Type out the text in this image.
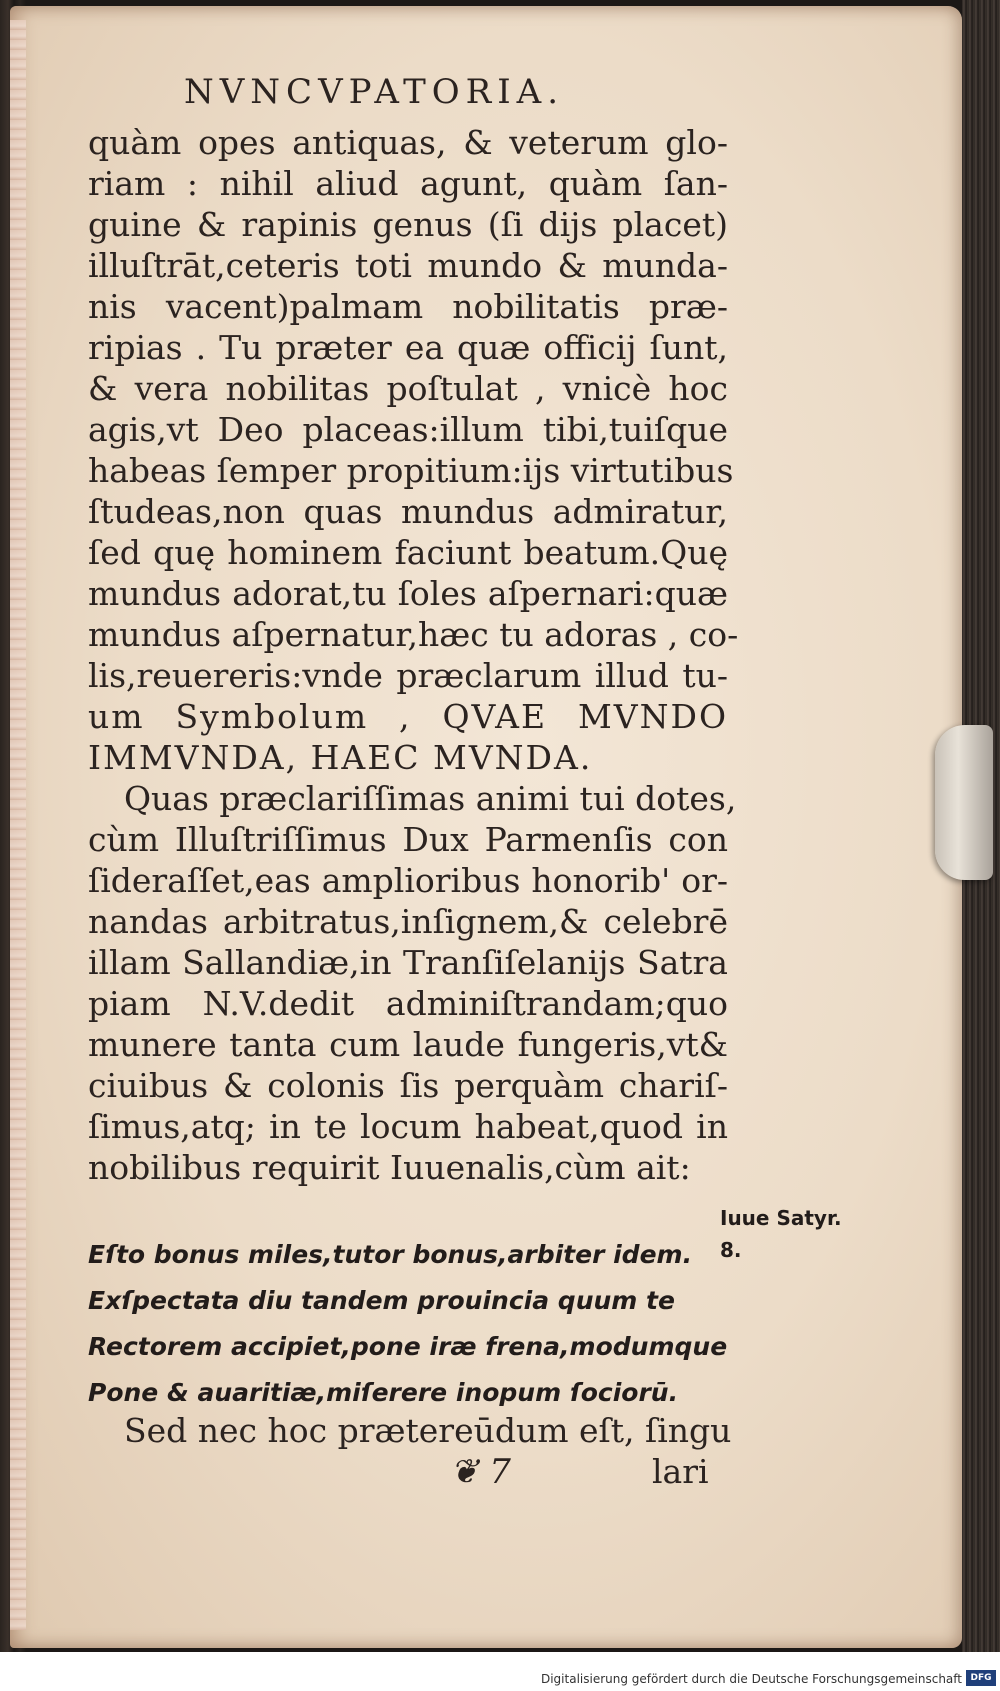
NVNCVPATORIA.
quàm opes antiquas, & veterum glo-
riam : nihil aliud agunt, quàm ſan-
guine & rapinis genus (ſi dijs placet)
illuſtrāt,ceteris toti mundo & munda-
nis vacent)palmam nobilitatis præ-
ripias . Tu præter ea quæ officij ſunt,
& vera nobilitas poſtulat , vnicè hoc
agis,vt Deo placeas:illum tibi,tuiſque
habeas ſemper propitium:ijs virtutibus
ſtudeas,non quas mundus admiratur,
ſed quę hominem faciunt beatum.Quę
mundus adorat,tu ſoles aſpernari:quæ
mundus aſpernatur,hæc tu adoras , co-
lis,reuereris:vnde præclarum illud tu-
um Symbolum , QVAE MVNDO
IMMVNDA, HAEC MVNDA.
Quas præclariſſimas animi tui dotes,
cùm Illuſtriſſimus Dux Parmenſis con
ſideraſſet,eas amplioribus honorib' or-
nandas arbitratus,inſignem,& celebrē
illam Sallandiæ,in Tranſiſelanijs Satra
piam N.V.dedit adminiſtrandam;quo
munere tanta cum laude fungeris,vt&
ciuibus & colonis ſis perquàm chariſ-
ſimus,atq; in te locum habeat,quod in
nobilibus requirit Iuuenalis,cùm ait:
Iuue Satyr.
8.
Eſto bonus miles,tutor bonus,arbiter idem.
Exſpectata diu tandem prouincia quum te
Rectorem accipiet,pone iræ frena,modumque
Pone & auaritiæ,miſerere inopum ſociorū.
Sed nec hoc prætereūdum eſt, ſingu
❦ 7	lari
Digitalisierung gefördert durch die Deutsche Forschungsgemeinschaft DFG
